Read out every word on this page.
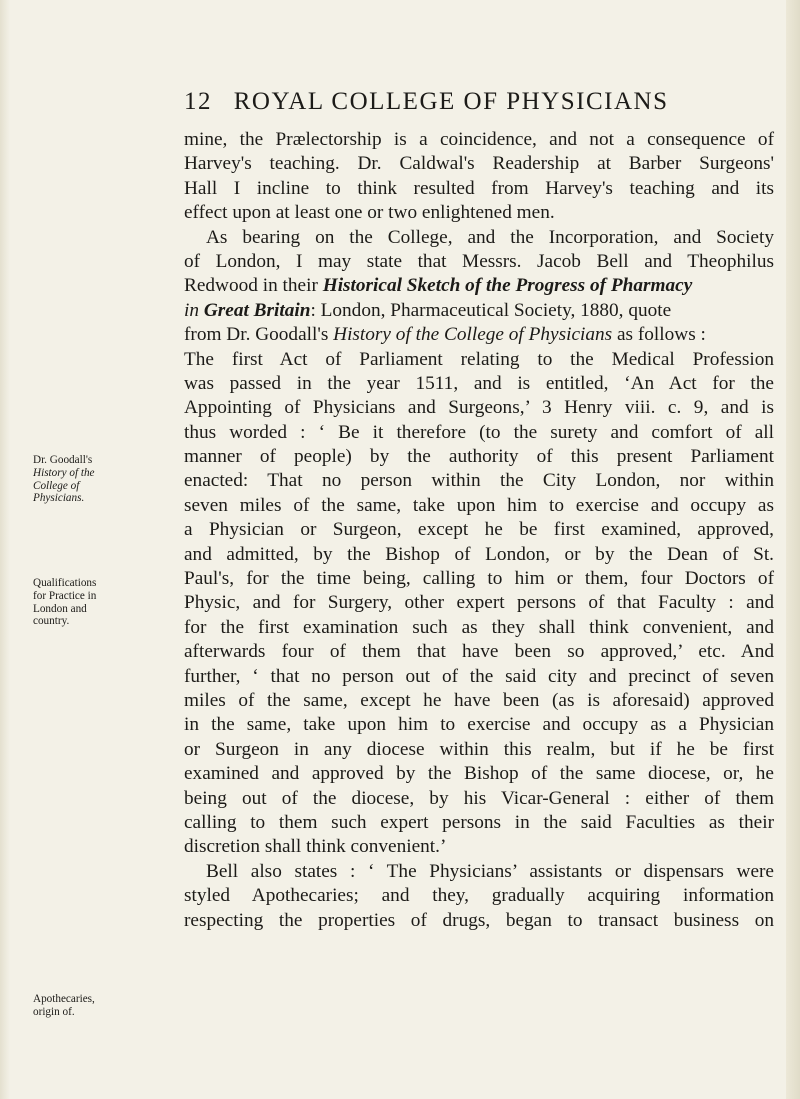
12 ROYAL COLLEGE OF PHYSICIANS
Dr. Goodall's
History of the
College of
Physicians.
Qualifications
for Practice in
London and
country.
Apothecaries,
origin of.
mine, the Prælectorship is a coincidence, and not a consequence of
Harvey's teaching. Dr. Caldwal's Readership at Barber Surgeons'
Hall I incline to think resulted from Harvey's teaching and its
effect upon at least one or two enlightened men.
As bearing on the College, and the Incorporation, and Society
of London, I may state that Messrs. Jacob Bell and Theophilus
Redwood in their Historical Sketch of the Progress of Pharmacy
in Great Britain: London, Pharmaceutical Society, 1880, quote
from Dr. Goodall's History of the College of Physicians as follows :
The first Act of Parliament relating to the Medical Profession
was passed in the year 1511, and is entitled, ‘An Act for the
Appointing of Physicians and Surgeons,’ 3 Henry viii. c. 9, and is
thus worded : ‘ Be it therefore (to the surety and comfort of all
manner of people) by the authority of this present Parliament
enacted: That no person within the City London, nor within
seven miles of the same, take upon him to exercise and occupy as
a Physician or Surgeon, except he be first examined, approved,
and admitted, by the Bishop of London, or by the Dean of St.
Paul's, for the time being, calling to him or them, four Doctors of
Physic, and for Surgery, other expert persons of that Faculty : and
for the first examination such as they shall think convenient, and
afterwards four of them that have been so approved,’ etc. And
further, ‘ that no person out of the said city and precinct of seven
miles of the same, except he have been (as is aforesaid) approved
in the same, take upon him to exercise and occupy as a Physician
or Surgeon in any diocese within this realm, but if he be first
examined and approved by the Bishop of the same diocese, or, he
being out of the diocese, by his Vicar-General : either of them
calling to them such expert persons in the said Faculties as their
discretion shall think convenient.’
Bell also states : ‘ The Physicians’ assistants or dispensars were
styled Apothecaries; and they, gradually acquiring information
respecting the properties of drugs, began to transact business on
